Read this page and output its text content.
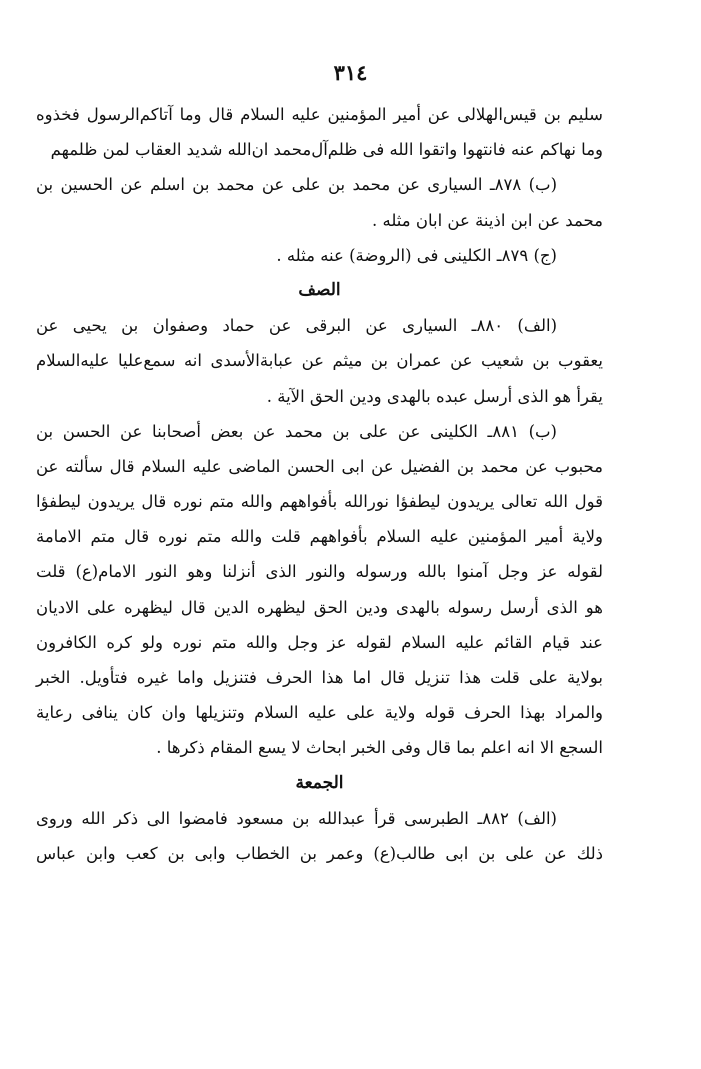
٣١٤
سليم بن قيس‌الهلالى عن أمير المؤمنين عليه السلام قال وما آتاكم‌الرسول فخذوه
وما نهاكم عنه فانتهوا واتقوا الله فى ظلم‌آل‌محمد ان‌الله شديد العقاب لمن ظلمهم
(ب) ٨٧٨ـ السيارى عن محمد بن على عن محمد بن اسلم عن الحسين بن
محمد عن ابن اذينة عن ابان مثله .
(ج) ٨٧٩ـ الكلينى فى (الروضة) عنه مثله .
الصف
(الف) ٨٨٠ـ السيارى عن البرقى عن حماد وصفوان بن يحيى عن
يعقوب بن شعيب عن عمران بن ميثم عن عبابة‌الأسدى انه سمع‌عليا عليه‌السلام
يقرأ هو الذى أرسل عبده بالهدى ودين الحق الآية .
(ب) ٨٨١ـ الكلينى عن على بن محمد عن بعض أصحابنا عن الحسن بن
محبوب عن محمد بن الفضيل عن ابى الحسن الماضى عليه السلام قال سألته عن
قول الله تعالى يريدون ليطفؤا نورالله بأفواههم والله متم نوره قال يريدون ليطفؤا
ولاية أمير المؤمنين عليه السلام بأفواههم قلت والله متم نوره قال متم الامامة
لقوله عز وجل آمنوا بالله ورسوله والنور الذى أنزلنا وهو النور الامام(ع) قلت
هو الذى أرسل رسوله بالهدى ودين الحق ليظهره الدين قال ليظهره على الاديان
عند قيام القائم عليه السلام لقوله عز وجل والله متم نوره ولو كره الكافرون
بولاية على قلت هذا تنزيل قال اما هذا الحرف فتنزيل واما غيره فتأويل. الخبر
والمراد بهذا الحرف قوله ولاية على عليه السلام وتنزيلها وان كان ينافى رعاية
السجع الا انه اعلم بما قال وفى الخبر ابحاث لا يسع المقام ذكرها .
الجمعة
(الف) ٨٨٢ـ الطبرسى قرأ عبدالله بن مسعود فامضوا الى ذكر الله وروى
ذلك عن على بن ابى طالب(ع) وعمر بن الخطاب وابى بن كعب وابن عباس
